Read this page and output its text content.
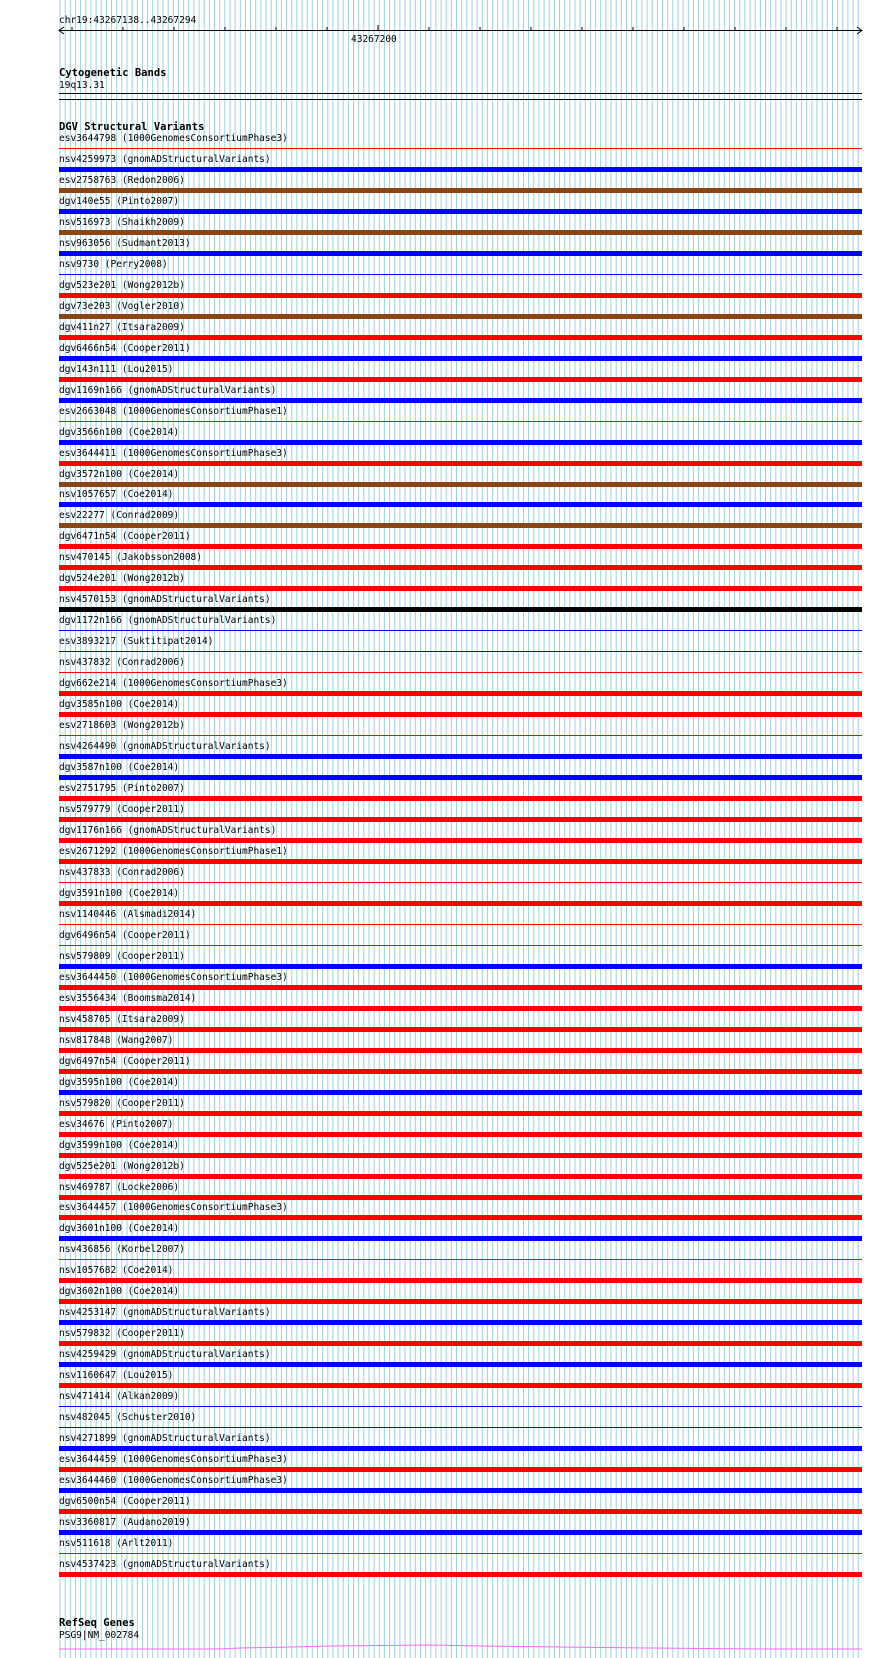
chr19:43267138..43267294
43267200
Cytogenetic Bands
19q13.31
DGV Structural Variants
esv3644798 (1000GenomesConsortiumPhase3)
nsv4259973 (gnomADStructuralVariants)
esv2758763 (Redon2006)
dgv140e55 (Pinto2007)
nsv516973 (Shaikh2009)
nsv963056 (Sudmant2013)
nsv9730 (Perry2008)
dgv523e201 (Wong2012b)
dgv73e203 (Vogler2010)
dgv411n27 (Itsara2009)
dgv6466n54 (Cooper2011)
dgv143n111 (Lou2015)
dgv1169n166 (gnomADStructuralVariants)
esv2663048 (1000GenomesConsortiumPhase1)
dgv3566n100 (Coe2014)
esv3644411 (1000GenomesConsortiumPhase3)
dgv3572n100 (Coe2014)
nsv1057657 (Coe2014)
esv22277 (Conrad2009)
dgv6471n54 (Cooper2011)
nsv470145 (Jakobsson2008)
dgv524e201 (Wong2012b)
nsv4570153 (gnomADStructuralVariants)
dgv1172n166 (gnomADStructuralVariants)
esv3893217 (Suktitipat2014)
nsv437832 (Conrad2006)
dgv662e214 (1000GenomesConsortiumPhase3)
dgv3585n100 (Coe2014)
esv2718603 (Wong2012b)
nsv4264490 (gnomADStructuralVariants)
dgv3587n100 (Coe2014)
esv2751795 (Pinto2007)
nsv579779 (Cooper2011)
dgv1176n166 (gnomADStructuralVariants)
esv2671292 (1000GenomesConsortiumPhase1)
nsv437833 (Conrad2006)
dgv3591n100 (Coe2014)
nsv1140446 (Alsmadi2014)
dgv6496n54 (Cooper2011)
nsv579809 (Cooper2011)
esv3644450 (1000GenomesConsortiumPhase3)
esv3556434 (Boomsma2014)
nsv458705 (Itsara2009)
nsv817848 (Wang2007)
dgv6497n54 (Cooper2011)
dgv3595n100 (Coe2014)
nsv579820 (Cooper2011)
esv34676 (Pinto2007)
dgv3599n100 (Coe2014)
dgv525e201 (Wong2012b)
nsv469787 (Locke2006)
esv3644457 (1000GenomesConsortiumPhase3)
dgv3601n100 (Coe2014)
nsv436856 (Korbel2007)
nsv1057682 (Coe2014)
dgv3602n100 (Coe2014)
nsv4253147 (gnomADStructuralVariants)
nsv579832 (Cooper2011)
nsv4259429 (gnomADStructuralVariants)
nsv1160647 (Lou2015)
nsv471414 (Alkan2009)
nsv482045 (Schuster2010)
nsv4271899 (gnomADStructuralVariants)
esv3644459 (1000GenomesConsortiumPhase3)
esv3644460 (1000GenomesConsortiumPhase3)
dgv6500n54 (Cooper2011)
nsv3360817 (Audano2019)
nsv511618 (Arlt2011)
nsv4537423 (gnomADStructuralVariants)
RefSeq Genes
PSG9|NM_002784
